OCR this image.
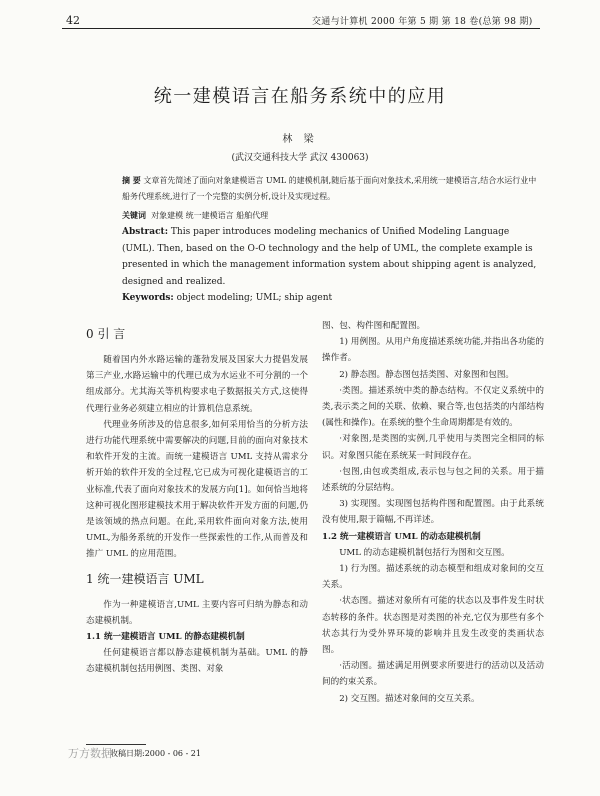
42	交通与计算机 2000 年第 5 期 第 18 卷(总第 98 期)
统一建模语言在船务系统中的应用
林 梁
(武汉交通科技大学 武汉 430063)
摘 要 文章首先简述了面向对象建模语言 UML 的建模机制,随后基于面向对象技术,采用统一建模语言,结合水运行业中船务代理系统,进行了一个完整的实例分析,设计及实现过程。
关键词 对象建模 统一建模语言 船舶代理
Abstract: This paper introduces modeling mechanics of Unified Modeling Language (UML). Then, based on the O-O technology and the help of UML, the complete example is presented in which the management information system about shipping agent is analyzed, designed and realized.
Keywords: object modeling; UML; ship agent

0 引 言

随着国内外水路运输的蓬勃发展及国家大力提倡发展第三产业,水路运输中的代理已成为水运业不可分割的一个组成部分。尤其海关等机构要求电子数据报关方式,这使得代理行业务必须建立相应的计算机信息系统。

代理业务所涉及的信息很多,如何采用恰当的分析方法进行功能代理系统中需要解决的问题,目前的面向对象技术和软件开发的主流。而统一建模语言 UML 支持从需求分析开始的软件开发的全过程,它已成为可视化建模语言的工业标准,代表了面向对象技术的发展方向[1]。如何恰当地将这种可视化图形建模技术用于解决软件开发方面的问题,仍是该领域的热点问题。在此,采用软件面向对象方法,使用 UML,为船务系统的开发作一些探索性的工作,从而普及和推广 UML 的应用范围。

1 统一建模语言 UML

作为一种建模语言,UML 主要内容可归纳为静态和动态建模机制。

1.1 统一建模语言 UML 的静态建模机制

任何建模语言都以静态建模机制为基础。UML 的静态建模机制包括用例图、类图、对象

图、包、构件图和配置图。

1) 用例图。从用户角度描述系统功能,并指出各功能的操作者。

2) 静态图。静态图包括类图、对象图和包图。

·类图。描述系统中类的静态结构。不仅定义系统中的类,表示类之间的关联、依赖、聚合等,也包括类的内部结构(属性和操作)。在系统的整个生命周期都是有效的。

·对象图,是类图的实例,几乎使用与类图完全相同的标识。对象图只能在系统某一时间段存在。

·包图,由包或类组成,表示包与包之间的关系。用于描述系统的分层结构。

3) 实现图。实现图包括构件图和配置图。由于此系统没有使用,限于篇幅,不再详述。

1.2 统一建模语言 UML 的动态建模机制

UML 的动态建模机制包括行为图和交互图。

1) 行为图。描述系统的动态模型和组成对象间的交互关系。

·状态图。描述对象所有可能的状态以及事件发生时状态转移的条件。状态图是对类图的补充,它仅为那些有多个状态其行为受外界环境的影响并且发生改变的类画状态图。

·活动图。描述满足用例要求所要进行的活动以及活动间的约束关系。

2) 交互图。描述对象间的交互关系。

收稿日期:2000 - 06 - 21
万方数据
